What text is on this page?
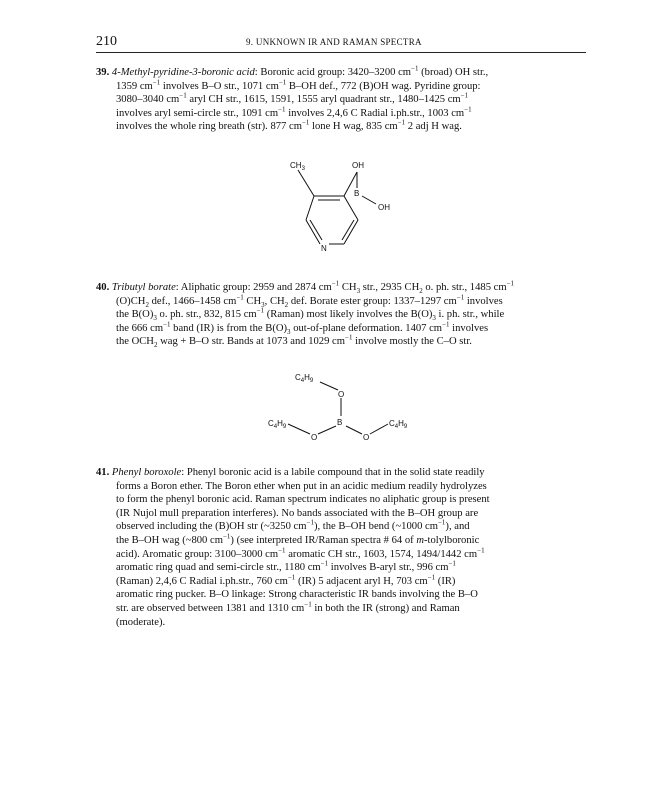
210	9. UNKNOWN IR AND RAMAN SPECTRA
39. 4-Methyl-pyridine-3-boronic acid: Boronic acid group: 3420–3200 $cm^{-1}$ (broad) OH str.,
1359 $cm^{-1}$ involves B–O str., 1071 $cm^{-1}$ B–OH def., 772 (B)OH wag. Pyridine group:
3080–3040 $cm^{-1}$ aryl CH str., 1615, 1591, 1555 aryl quadrant str., 1480–1425 $cm^{-1}$
involves aryl semi-circle str., 1091 $cm^{-1}$ involves 2,4,6 C Radial i.ph.str., 1003 $cm^{-1}$
involves the whole ring breath (str). 877 $cm^{-1}$ lone H wag, 835 $cm^{-1}$ 2 adj H wag.
$CH_3$	OH
B
OH
N
40. Tributyl borate: Aliphatic group: 2959 and 2874 $cm^{-1}$ $CH_3$ str., 2935 $CH_2$ o. ph. str., 1485 $cm^{-1}$
$(O)CH_2$ def., 1466–1458 $cm^{-1}$ $CH_3$, $CH_2$ def. Borate ester group: 1337–1297 $cm^{-1}$ involves
the $B(O)_3$ o. ph. str., 832, 815 $cm^{-1}$ (Raman) most likely involves the $B(O)_3$ i. ph. str., while
the 666 $cm^{-1}$ band (IR) is from the $B(O)_3$ out-of-plane deformation. 1407 $cm^{-1}$ involves
the $OCH_2$ wag + B–O str. Bands at 1073 and 1029 $cm^{-1}$ involve mostly the C–O str.
$C_4H_9$
O
$C_4H_9$	B
O	O
$C_4H_9$
41. Phenyl boroxole: Phenyl boronic acid is a labile compound that in the solid state readily
forms a Boron ether. The Boron ether when put in an acidic medium readily hydrolyzes
to form the phenyl boronic acid. Raman spectrum indicates no aliphatic group is present
(IR Nujol mull preparation interferes). No bands associated with the B–OH group are
observed including the (B)OH str (~3250 $cm^{-1}$), the B–OH bend (~1000 $cm^{-1}$), and
the B–OH wag (~800 $cm^{-1}$) (see interpreted IR/Raman spectra # 64 of m-tolylboronic
acid). Aromatic group: 3100–3000 $cm^{-1}$ aromatic CH str., 1603, 1574, 1494/1442 $cm^{-1}$
aromatic ring quad and semi-circle str., 1180 $cm^{-1}$ involves B-aryl str., 996 $cm^{-1}$
(Raman) 2,4,6 C Radial i.ph.str., 760 $cm^{-1}$ (IR) 5 adjacent aryl H, 703 $cm^{-1}$ (IR)
aromatic ring pucker. B–O linkage: Strong characteristic IR bands involving the B–O
str. are observed between 1381 and 1310 $cm^{-1}$ in both the IR (strong) and Raman
(moderate).
